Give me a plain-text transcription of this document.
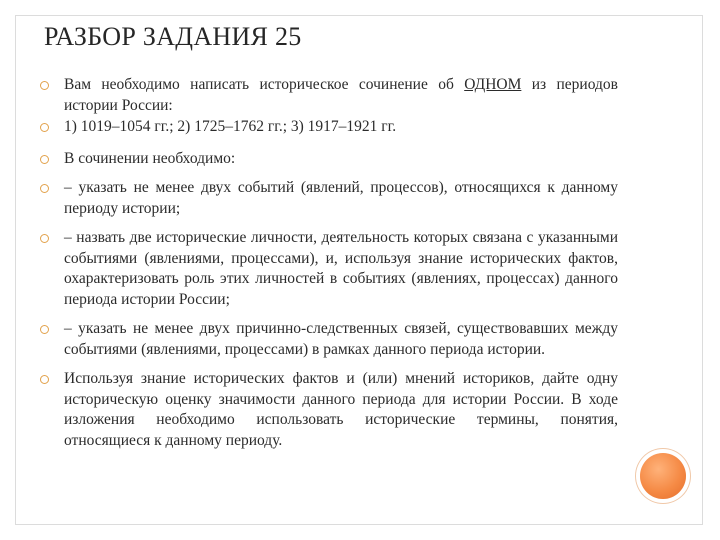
РАЗБОР ЗАДАНИЯ 25
Вам необходимо написать историческое сочинение об ОДНОМ из периодов истории России:
1) 1019–1054 гг.; 2) 1725–1762 гг.; 3) 1917–1921 гг.
В сочинении необходимо:
– указать не менее двух событий (явлений, процессов), относящихся к данному периоду истории;
– назвать две исторические личности, деятельность которых связана с указанными событиями (явлениями, процессами), и, используя знание исторических фактов, охарактеризовать роль этих личностей в событиях (явлениях, процессах) данного периода истории России;
– указать не менее двух причинно-следственных связей, существовавших между событиями (явлениями, процессами) в рамках данного периода истории.
Используя знание исторических фактов и (или) мнений историков, дайте одну историческую оценку значимости данного периода для истории России. В ходе изложения необходимо использовать исторические термины, понятия, относящиеся к данному периоду.
